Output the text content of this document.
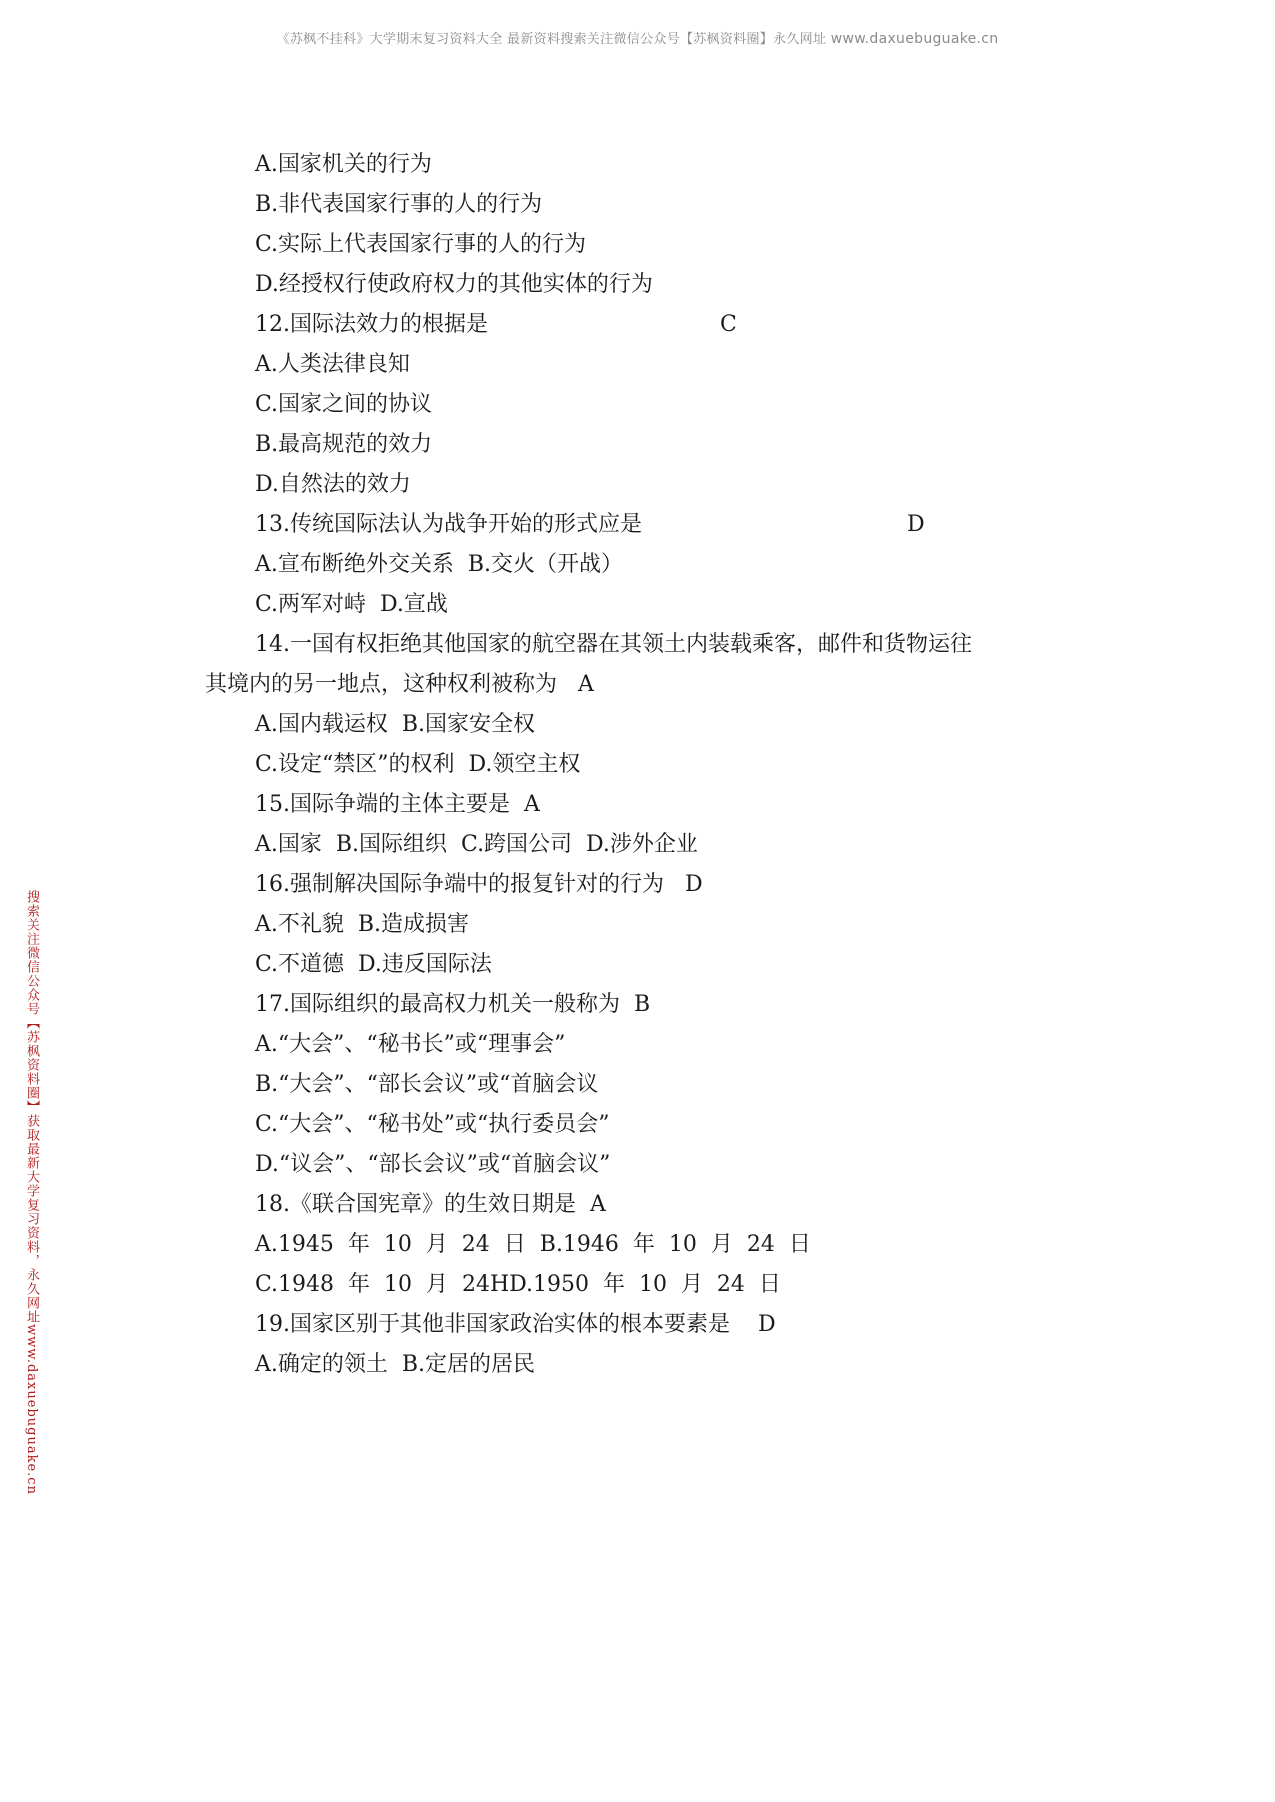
《苏枫不挂科》大学期末复习资料大全 最新资料搜索关注微信公众号【苏枫资料圈】永久网址 www.daxuebuguake.cn
搜索关注微信公众号【苏枫资料圈】获取最新大学复习资料，永久网址www.daxuebuguake.cn
A.国家机关的行为
B.非代表国家行事的人的行为
C.实际上代表国家行事的人的行为
D.经授权行使政府权力的其他实体的行为
12.国际法效力的根据是	C
A.人类法律良知
C.国家之间的协议
B.最高规范的效力
D.自然法的效力
13.传统国际法认为战争开始的形式应是	D
A.宣布断绝外交关系  B.交火（开战）
C.两军对峙  D.宣战
14.一国有权拒绝其他国家的航空器在其领土内装载乘客，邮件和货物运往
其境内的另一地点，这种权利被称为   A
A.国内载运权  B.国家安全权
C.设定“禁区”的权利  D.领空主权
15.国际争端的主体主要是  A
A.国家  B.国际组织  C.跨国公司  D.涉外企业
16.强制解决国际争端中的报复针对的行为   D
A.不礼貌  B.造成损害
C.不道德  D.违反国际法
17.国际组织的最高权力机关一般称为  B
A.“大会”、“秘书长”或“理事会”
B.“大会”、“部长会议”或“首脑会议
C.“大会”、“秘书处”或“执行委员会”
D.“议会”、“部长会议”或“首脑会议”
18.《联合国宪章》的生效日期是  A
A.1945  年  10  月  24  日  B.1946  年  10  月  24  日
C.1948  年  10  月  24HD.1950  年  10  月  24  日
19.国家区别于其他非国家政治实体的根本要素是    D
A.确定的领土  B.定居的居民
